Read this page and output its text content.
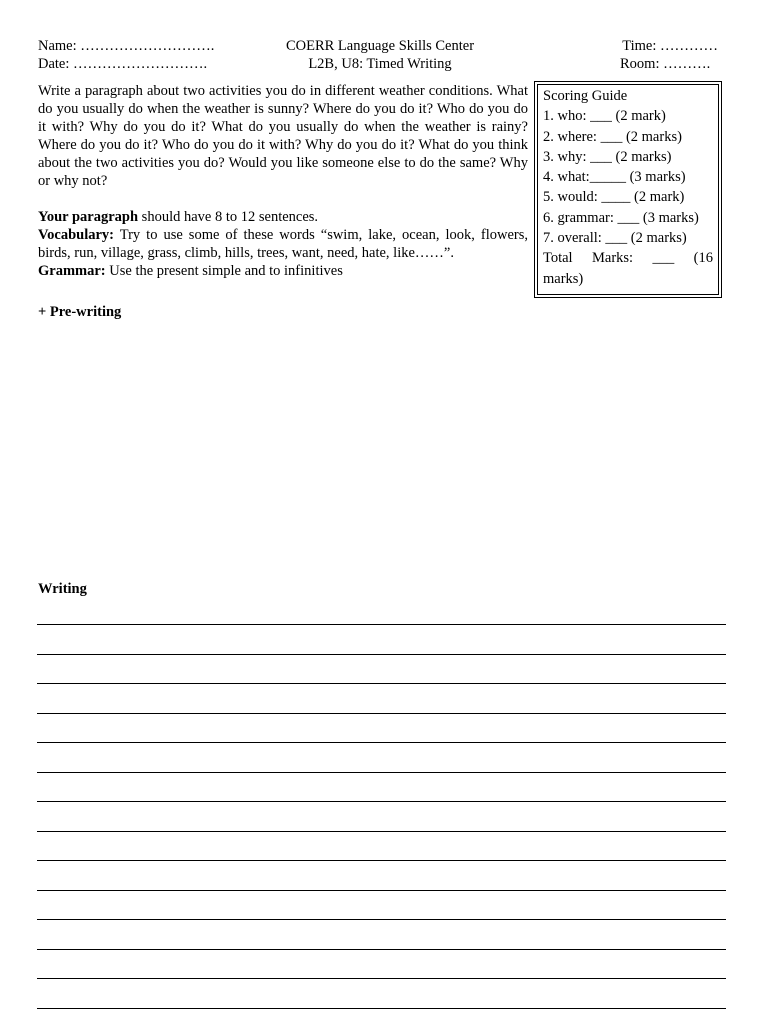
Name: ……………………….
Date: ……………………….
COERR Language Skills Center
L2B, U8: Timed Writing
Time: …………
Room: ……….

Write a paragraph about two activities you do in different weather conditions. What do you usually do when the weather is sunny? Where do you do it? Who do you do it with? Why do you do it? What do you usually do when the weather is rainy? Where do you do it? Who do you do it with? Why do you do it? What do you think about the two activities you do? Would you like someone else to do the same? Why or why not?

Your paragraph should have 8 to 12 sentences.

Vocabulary: Try to use some of these words “swim, lake, ocean, look, flowers, birds, run, village, grass, climb, hills, trees, want, need, hate, like……”.

Grammar: Use the present simple and to infinitives

Scoring Guide
1. who: ___ (2 mark)
2. where: ___ (2 marks)
3. why: ___ (2 marks)
4. what:_____ (3 marks)
5. would: ____ (2 mark)
6. grammar: ___ (3 marks)
7. overall: ___ (2 marks)
Total Marks: ___ (16
marks)
+ Pre-writing
Writing
